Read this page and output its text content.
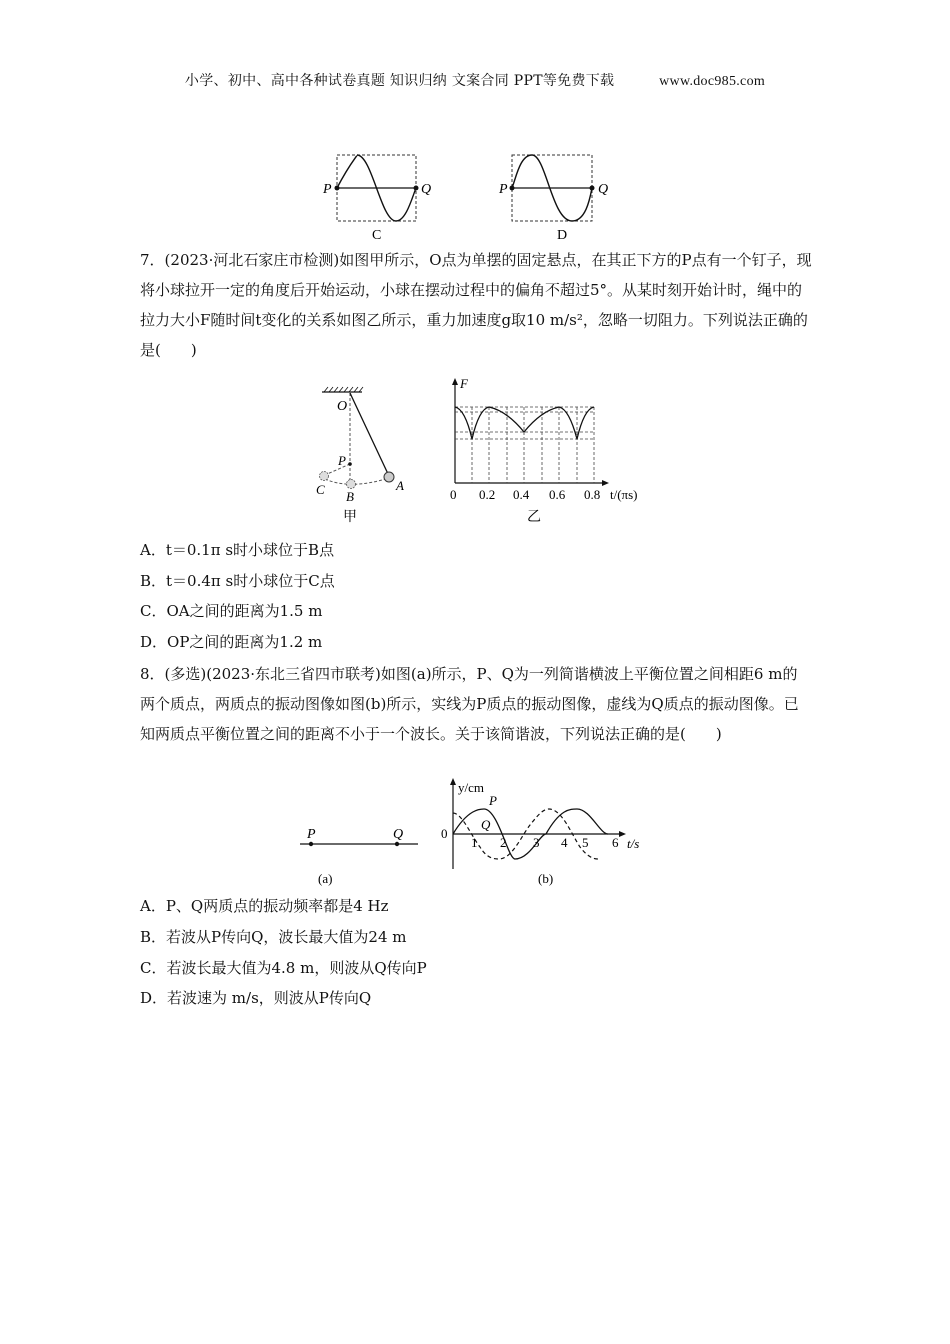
小学、初中、高中各种试卷真题 知识归纳 文案合同 PPT等免费下载	www.doc985.com
P	Q
C
P	Q
D
7．(2023·河北石家庄市检测)如图甲所示，O点为单摆的固定悬点，在其正下方的P点有一个钉子，现将小球拉开一定的角度后开始运动，小球在摆动过程中的偏角不超过5°。从某时刻开始计时，绳中的拉力大小F随时间t变化的关系如图乙所示，重力加速度g取10 m/s²，忽略一切阻力。下列说法正确的是(　　)
O
P
A
B
C
甲
F
0 0.2 0.4 0.6 0.8 t/(πs)
乙
A．t＝0.1π s时小球位于B点
B．t＝0.4π s时小球位于C点
C．OA之间的距离为1.5 m
D．OP之间的距离为1.2 m
8．(多选)(2023·东北三省四市联考)如图(a)所示，P、Q为一列简谐横波上平衡位置之间相距6 m的两个质点，两质点的振动图像如图(b)所示，实线为P质点的振动图像，虚线为Q质点的振动图像。已知两质点平衡位置之间的距离不小于一个波长。关于该简谐波，下列说法正确的是(　　)
P	Q
(a)
y/cm
0
t/s
P
Q
1 2 3 4 5 6
(b)
A．P、Q两质点的振动频率都是4 Hz
B．若波从P传向Q，波长最大值为24 m
C．若波长最大值为4.8 m，则波从Q传向P
D．若波速为 m/s，则波从P传向Q
